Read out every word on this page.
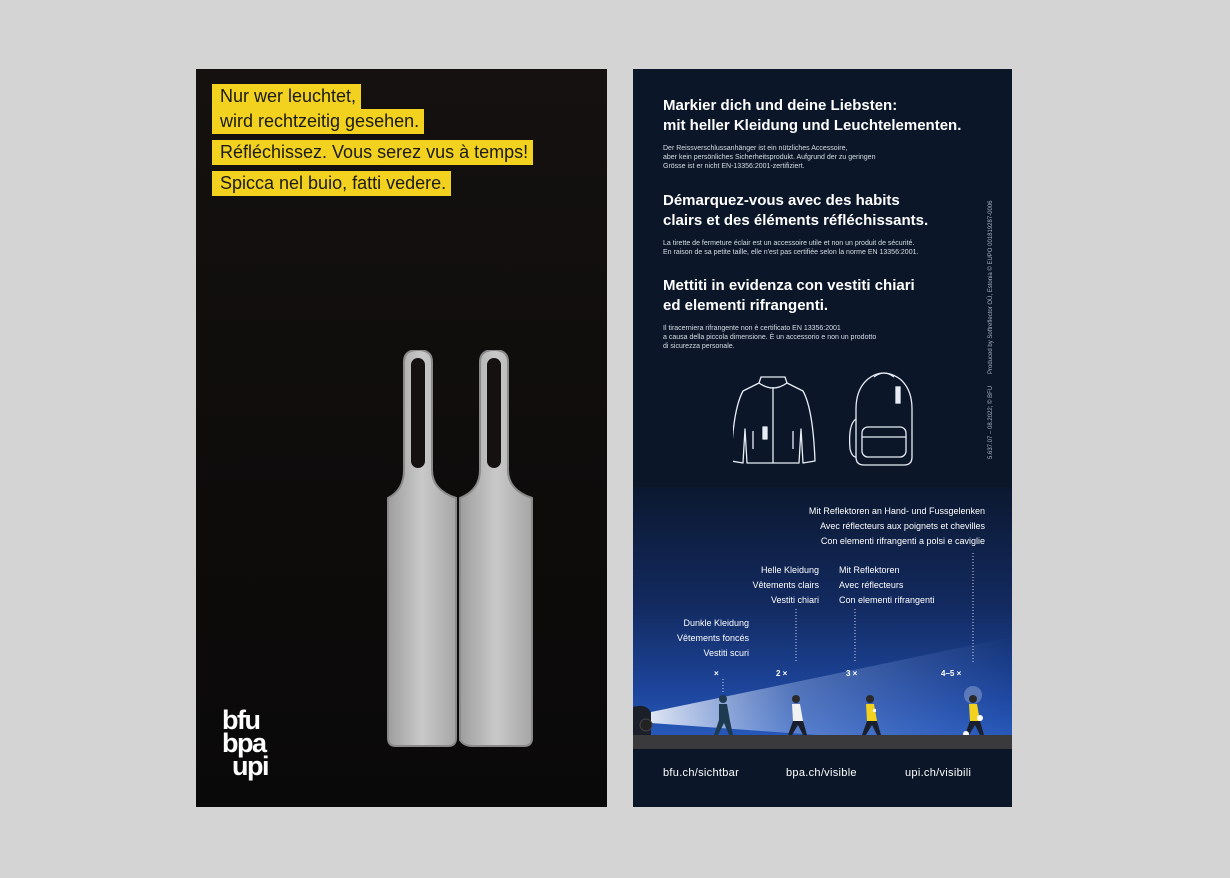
Nur wer leuchtet,
wird rechtzeitig gesehen.
Réfléchissez. Vous serez vus à temps!
Spicca nel buio, fatti vedere.
bfu
bpa
upi
Markier dich und deine Liebsten:
mit heller Kleidung und Leuchtelementen.

Der Reissverschlussanhänger ist ein nützliches Accessoire,
aber kein persönliches Sicherheitsprodukt. Aufgrund der zu geringen
Grösse ist er nicht EN-13356:2001-zertifiziert.

Démarquez-vous avec des habits
clairs et des éléments réfléchissants.

La tirette de fermeture éclair est un accessoire utile et non un produit de sécurité.
En raison de sa petite taille, elle n'est pas certifiée selon la norme EN 13356:2001.

Mettiti in evidenza con vestiti chiari
ed elementi rifrangenti.

Il tiracerniera rifrangente non è certificato EN 13356:2001
a causa della piccola dimensione. È un accessorio e non un prodotto
di sicurezza personale.	Produced by Softreflector OÜ, Estonia © EUPO 001819287-0006
5.637.07 – 08.2022; © BFU
Dunkle Kleidung
Vêtements foncés
Vestiti scuri
Helle Kleidung
Vêtements clairs
Vestiti chiari
Mit Reflektoren
Avec réflecteurs
Con elementi rifrangenti
Mit Reflektoren an Hand- und Fussgelenken
Avec réflecteurs aux poignets et chevilles
Con elementi rifrangenti a polsi e caviglie
×	2 ×	3 ×	4–5 ×
bfu.ch/sichtbar	bpa.ch/visible	upi.ch/visibili
